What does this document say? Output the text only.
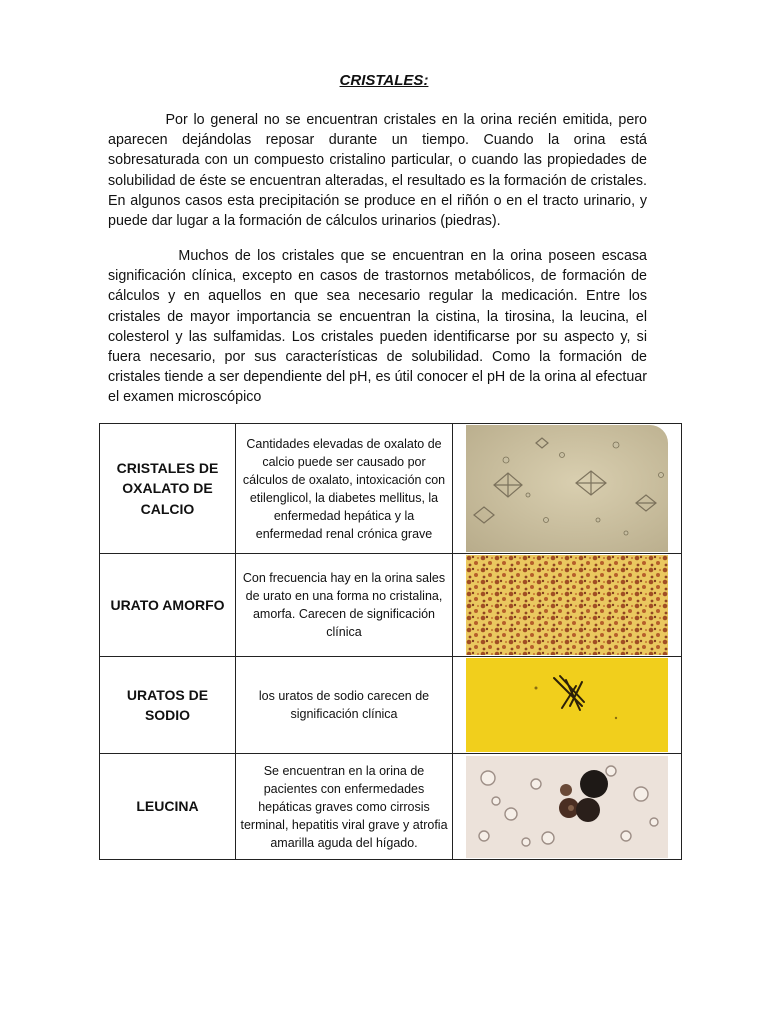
CRISTALES:

Por lo general no se encuentran cristales en la orina recién emitida, pero aparecen dejándolas reposar durante un tiempo. Cuando la orina está sobresaturada con un compuesto cristalino particular, o cuando las propiedades de solubilidad de éste se encuentran alteradas, el resultado es la formación de cristales. En algunos casos esta precipitación se produce en el riñón o en el tracto urinario, y puede dar lugar a la formación de cálculos urinarios (piedras).

Muchos de los cristales que se encuentran en la orina poseen escasa significación clínica, excepto en casos de trastornos metabólicos, de formación de cálculos y en aquellos en que sea necesario regular la medicación. Entre los cristales de mayor importancia se encuentran la cistina, la tirosina, la leucina, el colesterol y las sulfamidas. Los cristales pueden identificarse por su aspecto y, si fuera necesario, por sus características de solubilidad. Como la formación de cristales tiende a ser dependiente del pH, es útil conocer el pH de la orina al efectuar el examen microscópico

CRISTALES DE OXALATO DE CALCIO	Cantidades elevadas de oxalato de calcio puede ser causado por cálculos de oxalato, intoxicación con etilenglicol, la diabetes mellitus, la enfermedad hepática y la enfermedad renal crónica grave	

URATO AMORFO	Con frecuencia hay en la orina sales de urato en una forma no cristalina, amorfa. Carecen de significación clínica	

URATOS DE SODIO	los uratos de sodio carecen de significación clínica	

LEUCINA	Se encuentran en la orina de pacientes con enfermedades hepáticas graves como cirrosis terminal, hepatitis viral grave y atrofia amarilla aguda del hígado.	
